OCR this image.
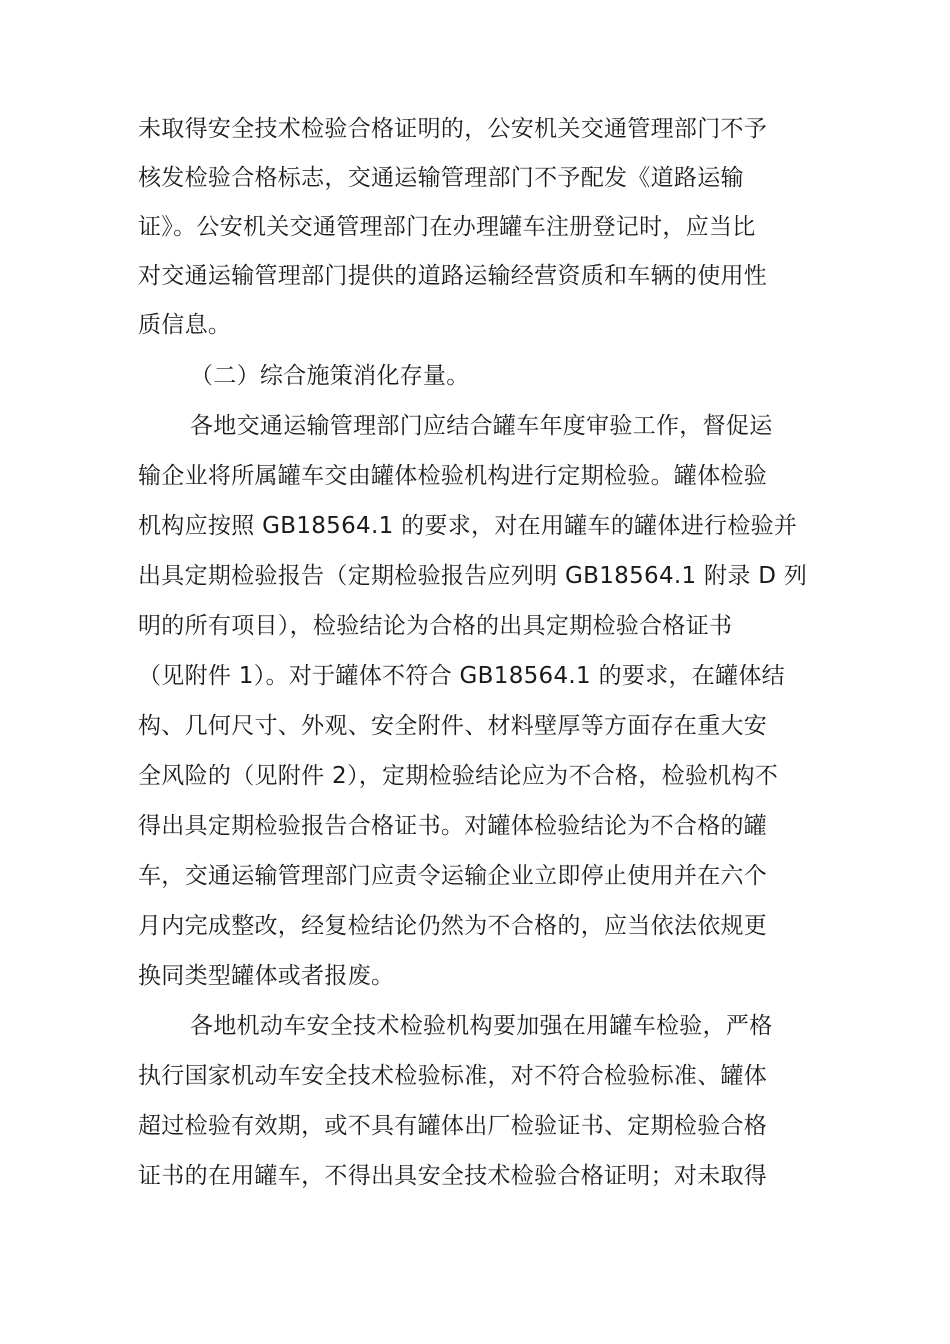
未取得安全技术检验合格证明的，公安机关交通管理部门不予
核发检验合格标志，交通运输管理部门不予配发《道路运输
证》。公安机关交通管理部门在办理罐车注册登记时，应当比
对交通运输管理部门提供的道路运输经营资质和车辆的使用性
质信息。
（二）综合施策消化存量。
各地交通运输管理部门应结合罐车年度审验工作，督促运
输企业将所属罐车交由罐体检验机构进行定期检验。罐体检验
机构应按照 GB18564.1 的要求，对在用罐车的罐体进行检验并
出具定期检验报告（定期检验报告应列明 GB18564.1 附录 D 列
明的所有项目），检验结论为合格的出具定期检验合格证书
（见附件 1）。对于罐体不符合 GB18564.1 的要求，在罐体结
构、几何尺寸、外观、安全附件、材料壁厚等方面存在重大安
全风险的（见附件 2），定期检验结论应为不合格，检验机构不
得出具定期检验报告合格证书。对罐体检验结论为不合格的罐
车，交通运输管理部门应责令运输企业立即停止使用并在六个
月内完成整改，经复检结论仍然为不合格的，应当依法依规更
换同类型罐体或者报废。
各地机动车安全技术检验机构要加强在用罐车检验，严格
执行国家机动车安全技术检验标准，对不符合检验标准、罐体
超过检验有效期，或不具有罐体出厂检验证书、定期检验合格
证书的在用罐车，不得出具安全技术检验合格证明；对未取得
